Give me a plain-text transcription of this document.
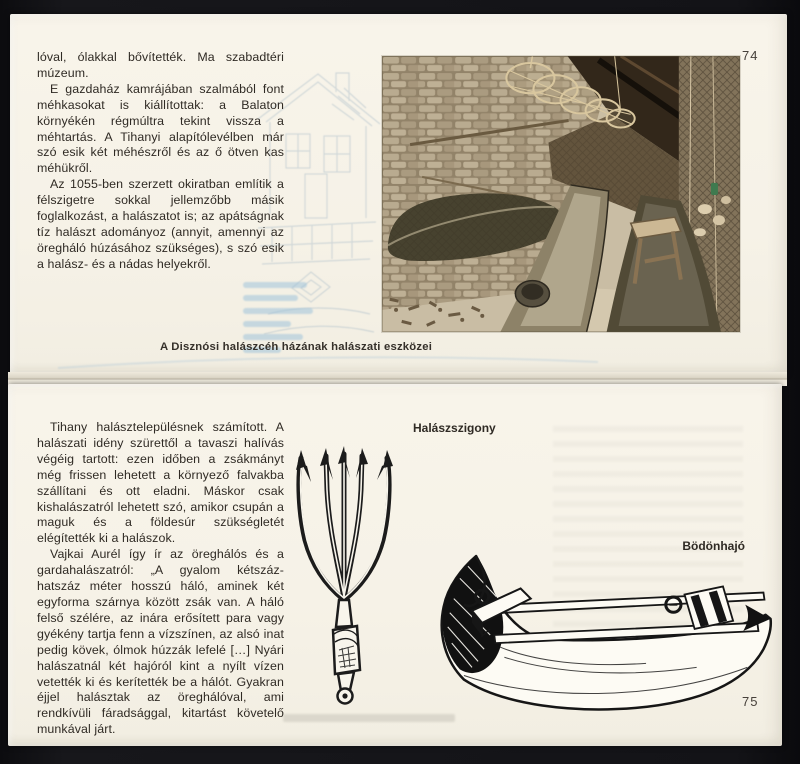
74

lóval, ólakkal bővítették. Ma szabadtéri múzeum.

E gazdaház kamrájában szalmából font méhkasokat is kiállítottak: a Balaton környékén régmúltra tekint vissza a méhtartás. A Tihanyi alapítólevélben már szó esik két méhészről és az ő ötven kas méhükről.

Az 1055-ben szerzett okiratban említik a félszigetre sokkal jellemzőbb másik foglalkozást, a halászatot is; az apátságnak tíz halászt adományoz (annyit, amennyi az öregháló húzásához szükséges), s szó esik a halász- és a nádas helyekről.

A Disznósi halászcéh házának halászati eszközei

Tihany halásztelepülésnek számított. A halászati idény szürettől a tavaszi halívás végéig tartott: ezen időben a zsákmányt még frissen lehetett a környező falvakba szállítani és ott eladni. Máskor csak kishalászatról lehetett szó, amikor csupán a maguk és a földesúr szükségletét elégítették ki a halászok.

Vajkai Aurél így ír az öreghálós és a gardahalászatról: „A gyalom kétszáz-hatszáz méter hosszú háló, aminek két egyforma szárnya között zsák van. A háló felső szélére, az inára erősített para vagy gyékény tartja fenn a vízszínen, az alsó inat pedig kövek, ólmok húzzák lefelé […] Nyári halászatnál két hajóról kint a nyílt vízen vetették ki és kerítették be a hálót. Gyakran éjjel halásztak az öreghálóval, ami rendkívüli fáradsággal, kitartást követelő munkával járt.

Halászszigony
Bödönhajó
75
